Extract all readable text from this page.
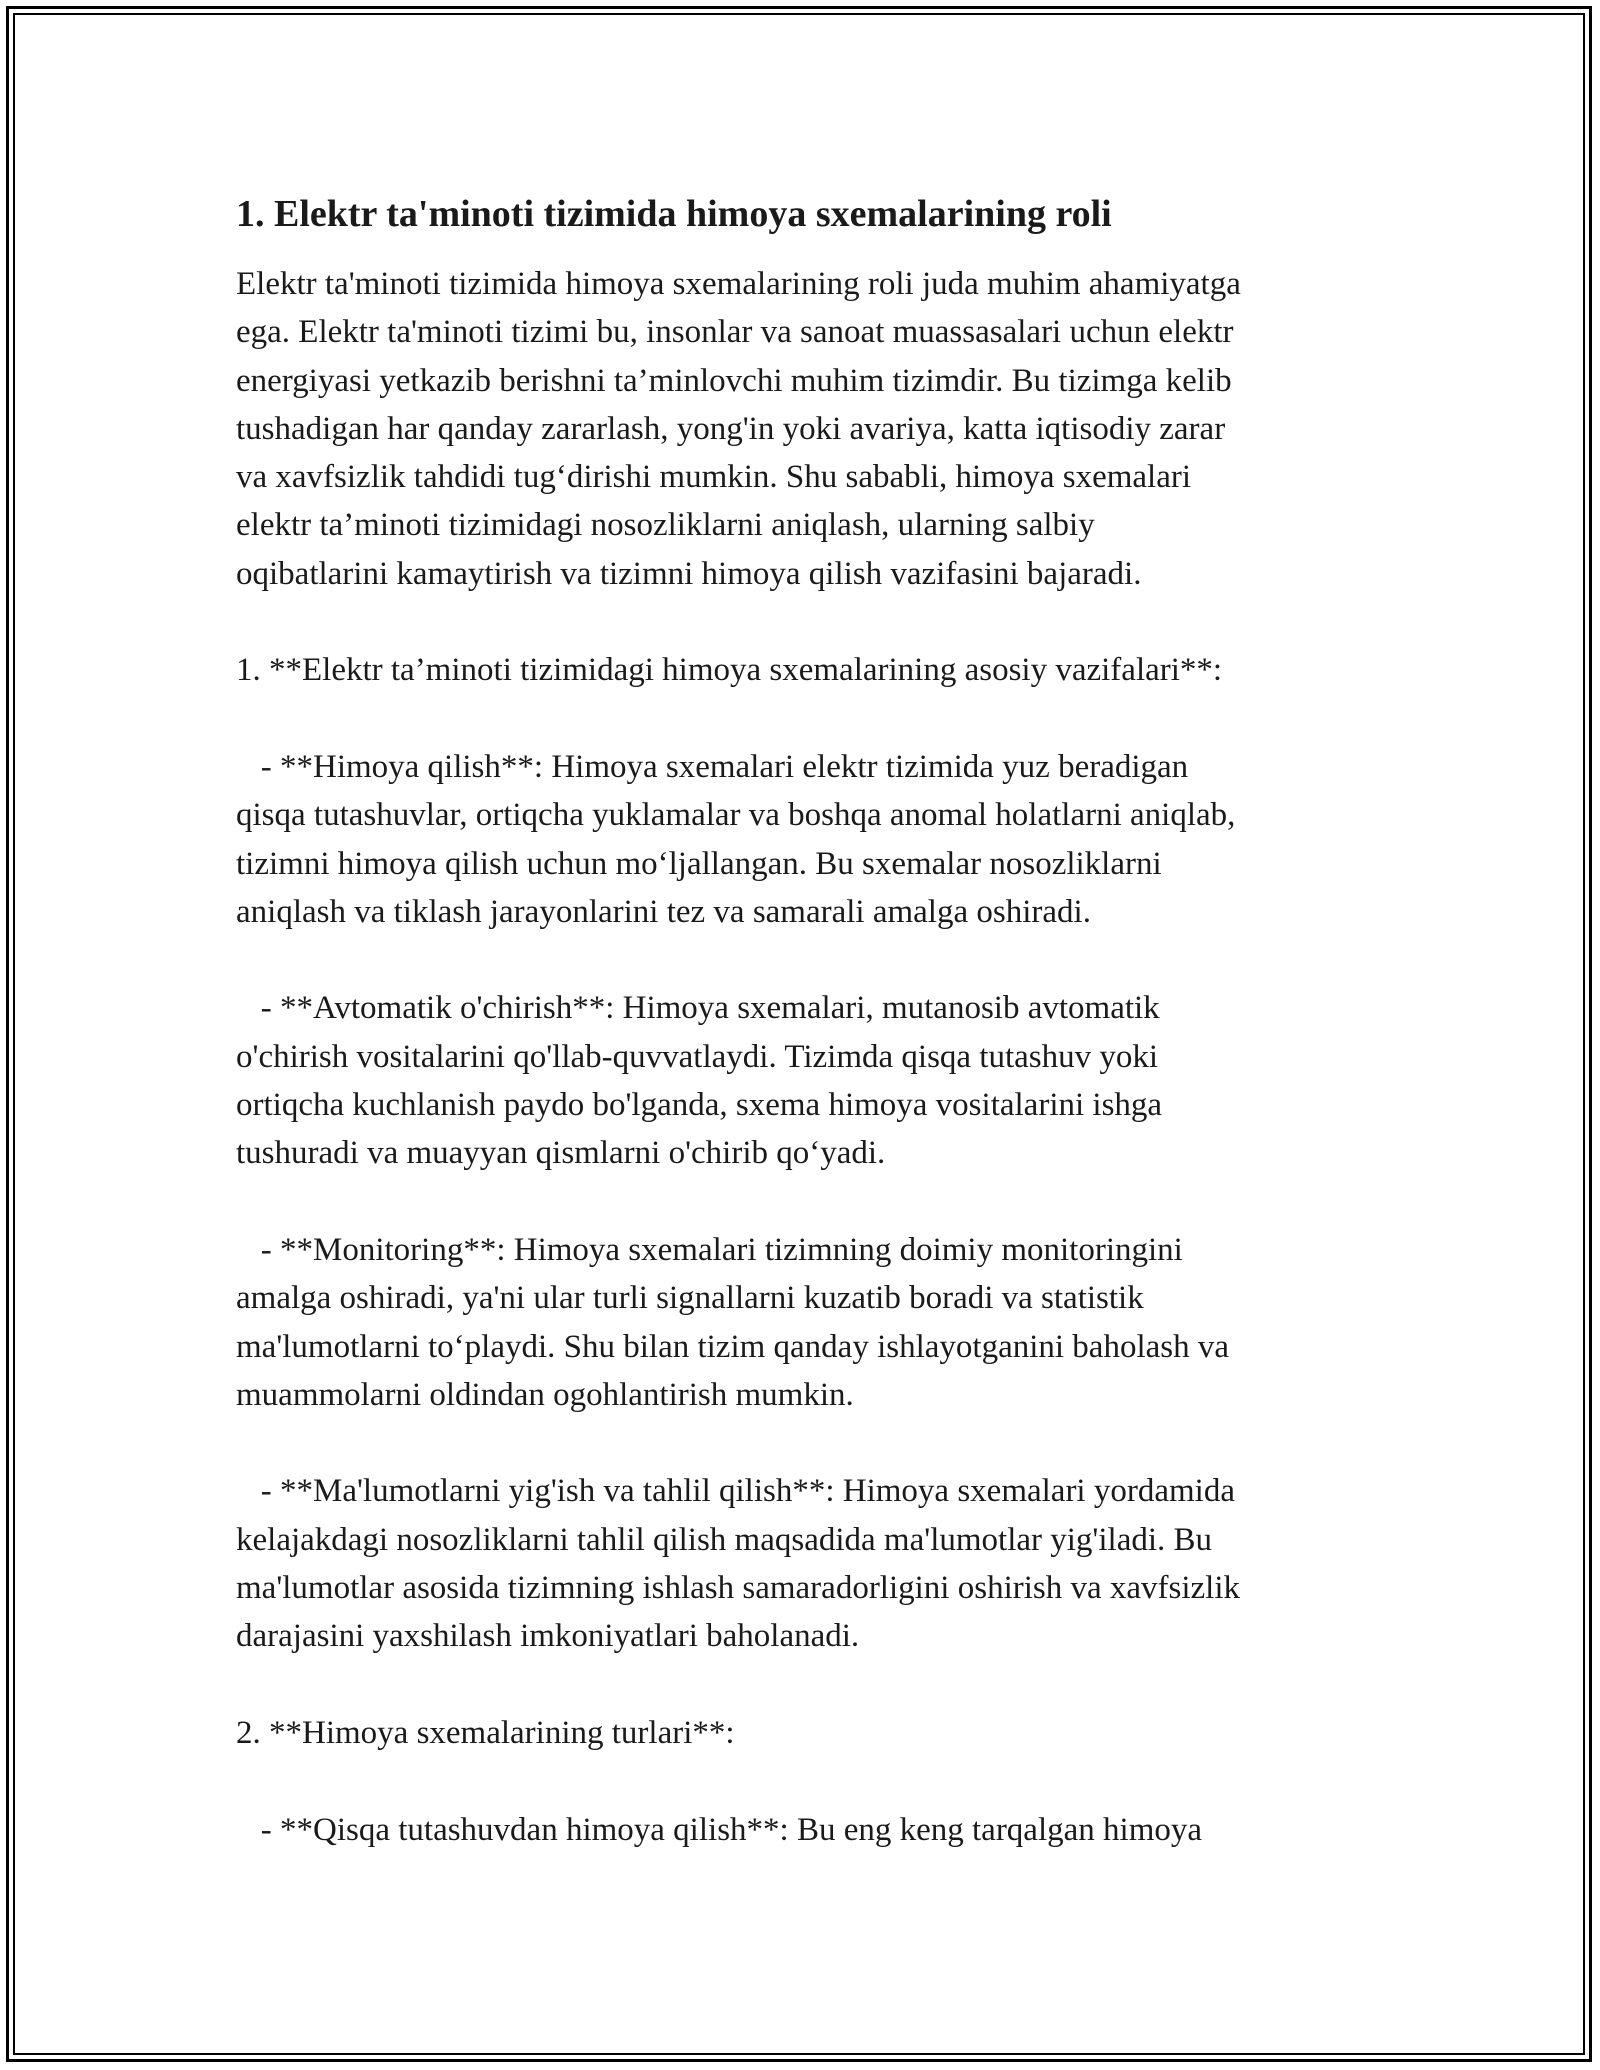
1. Elektr ta'minoti tizimida himoya sxemalarining roli

Elektr ta'minoti tizimida himoya sxemalarining roli juda muhim ahamiyatga

ega. Elektr ta'minoti tizimi bu, insonlar va sanoat muassasalari uchun elektr

energiyasi yetkazib berishni ta’minlovchi muhim tizimdir. Bu tizimga kelib

tushadigan har qanday zararlash, yong'in yoki avariya, katta iqtisodiy zarar

va xavfsizlik tahdidi tug‘dirishi mumkin. Shu sababli, himoya sxemalari

elektr ta’minoti tizimidagi nosozliklarni aniqlash, ularning salbiy

oqibatlarini kamaytirish va tizimni himoya qilish vazifasini bajaradi.

1. **Elektr ta’minoti tizimidagi himoya sxemalarining asosiy vazifalari**:

- **Himoya qilish**: Himoya sxemalari elektr tizimida yuz beradigan

qisqa tutashuvlar, ortiqcha yuklamalar va boshqa anomal holatlarni aniqlab,

tizimni himoya qilish uchun mo‘ljallangan. Bu sxemalar nosozliklarni

aniqlash va tiklash jarayonlarini tez va samarali amalga oshiradi.

- **Avtomatik o'chirish**: Himoya sxemalari, mutanosib avtomatik

o'chirish vositalarini qo'llab-quvvatlaydi. Tizimda qisqa tutashuv yoki

ortiqcha kuchlanish paydo bo'lganda, sxema himoya vositalarini ishga

tushuradi va muayyan qismlarni o'chirib qo‘yadi.

- **Monitoring**: Himoya sxemalari tizimning doimiy monitoringini

amalga oshiradi, ya'ni ular turli signallarni kuzatib boradi va statistik

ma'lumotlarni to‘playdi. Shu bilan tizim qanday ishlayotganini baholash va

muammolarni oldindan ogohlantirish mumkin.

- **Ma'lumotlarni yig'ish va tahlil qilish**: Himoya sxemalari yordamida

kelajakdagi nosozliklarni tahlil qilish maqsadida ma'lumotlar yig'iladi. Bu

ma'lumotlar asosida tizimning ishlash samaradorligini oshirish va xavfsizlik

darajasini yaxshilash imkoniyatlari baholanadi.

2. **Himoya sxemalarining turlari**:

- **Qisqa tutashuvdan himoya qilish**: Bu eng keng tarqalgan himoya
